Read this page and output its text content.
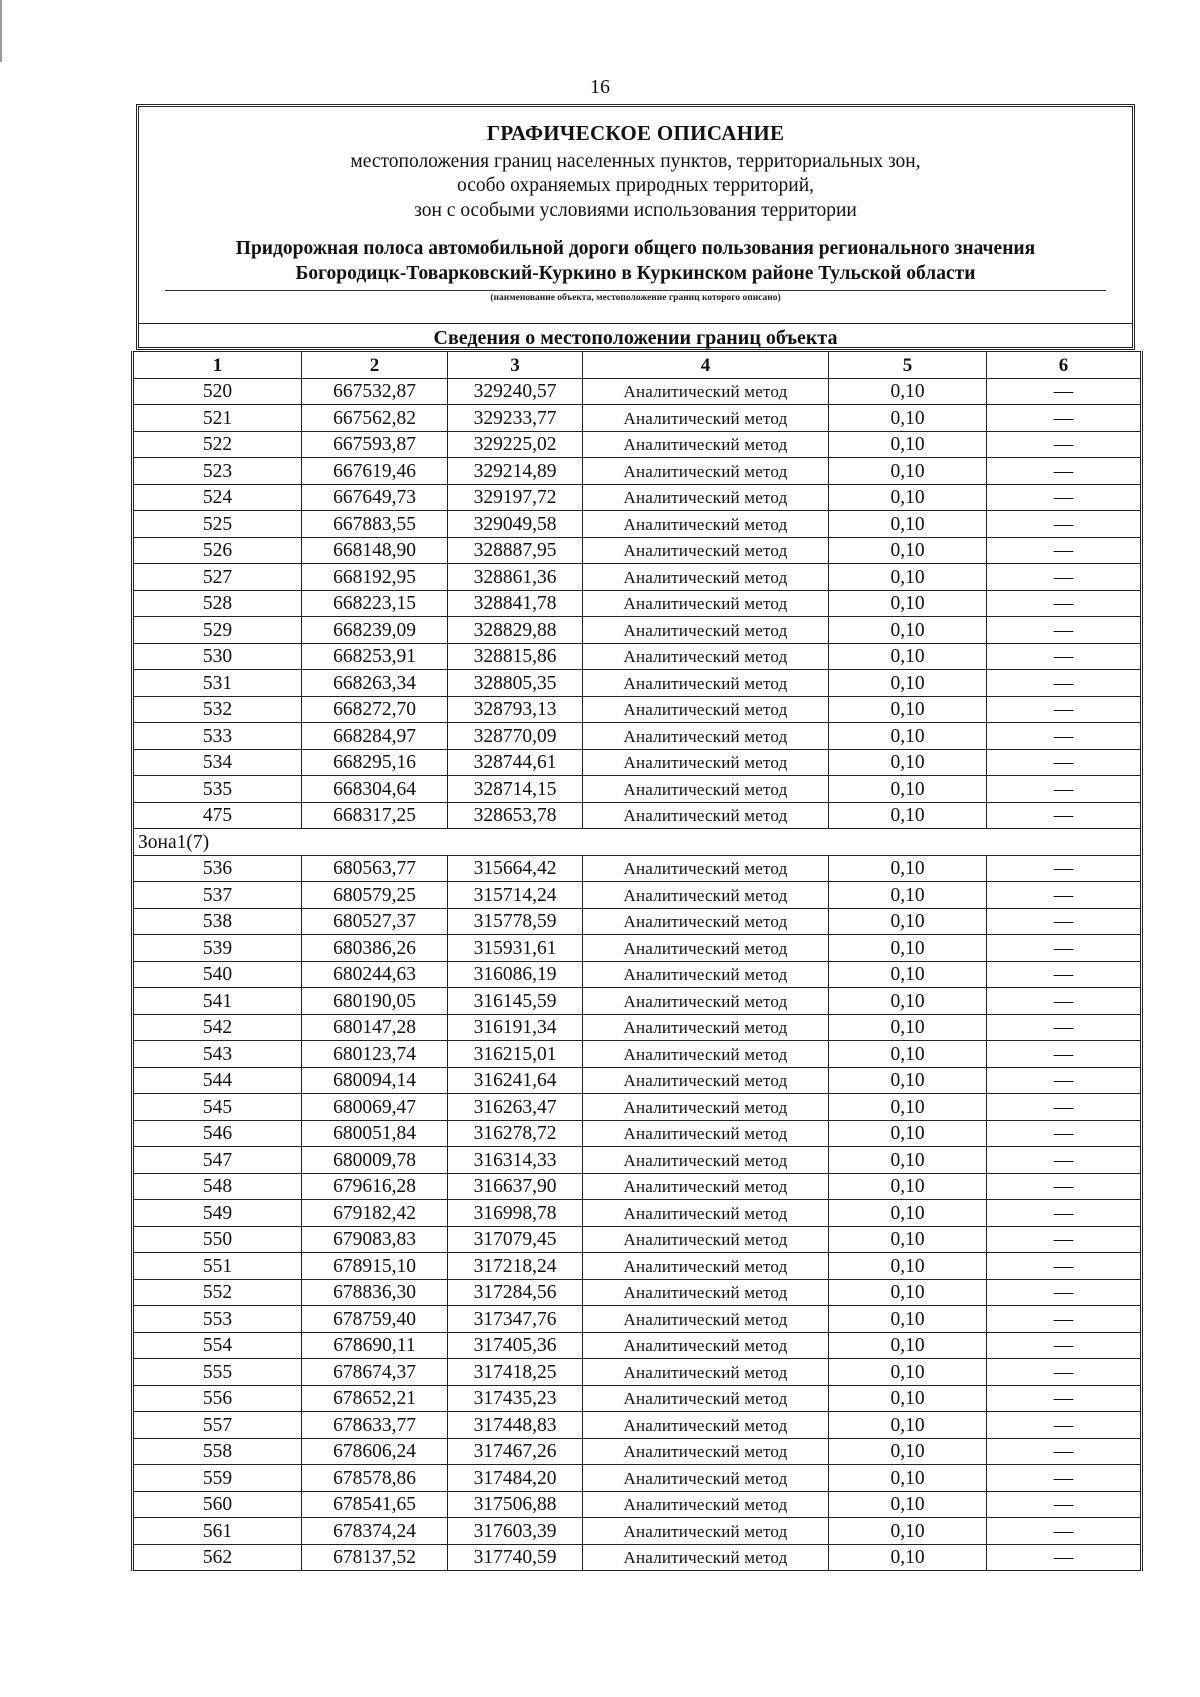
16
ГРАФИЧЕСКОЕ ОПИСАНИЕ
местоположения границ населенных пунктов, территориальных зон,
особо охраняемых природных территорий,
зон с особыми условиями использования территории
Придорожная полоса автомобильной дороги общего пользования регионального значения
Богородицк-Товарковский-Куркино в Куркинском районе Тульской области
(наименование объекта, местоположение границ которого описано)
Сведения о местоположении границ объекта
1	2	3	4	5	6
520	667532,87	329240,57	Аналитический метод	0,10	—
521	667562,82	329233,77	Аналитический метод	0,10	—
522	667593,87	329225,02	Аналитический метод	0,10	—
523	667619,46	329214,89	Аналитический метод	0,10	—
524	667649,73	329197,72	Аналитический метод	0,10	—
525	667883,55	329049,58	Аналитический метод	0,10	—
526	668148,90	328887,95	Аналитический метод	0,10	—
527	668192,95	328861,36	Аналитический метод	0,10	—
528	668223,15	328841,78	Аналитический метод	0,10	—
529	668239,09	328829,88	Аналитический метод	0,10	—
530	668253,91	328815,86	Аналитический метод	0,10	—
531	668263,34	328805,35	Аналитический метод	0,10	—
532	668272,70	328793,13	Аналитический метод	0,10	—
533	668284,97	328770,09	Аналитический метод	0,10	—
534	668295,16	328744,61	Аналитический метод	0,10	—
535	668304,64	328714,15	Аналитический метод	0,10	—
475	668317,25	328653,78	Аналитический метод	0,10	—
Зона1(7)					
536	680563,77	315664,42	Аналитический метод	0,10	—
537	680579,25	315714,24	Аналитический метод	0,10	—
538	680527,37	315778,59	Аналитический метод	0,10	—
539	680386,26	315931,61	Аналитический метод	0,10	—
540	680244,63	316086,19	Аналитический метод	0,10	—
541	680190,05	316145,59	Аналитический метод	0,10	—
542	680147,28	316191,34	Аналитический метод	0,10	—
543	680123,74	316215,01	Аналитический метод	0,10	—
544	680094,14	316241,64	Аналитический метод	0,10	—
545	680069,47	316263,47	Аналитический метод	0,10	—
546	680051,84	316278,72	Аналитический метод	0,10	—
547	680009,78	316314,33	Аналитический метод	0,10	—
548	679616,28	316637,90	Аналитический метод	0,10	—
549	679182,42	316998,78	Аналитический метод	0,10	—
550	679083,83	317079,45	Аналитический метод	0,10	—
551	678915,10	317218,24	Аналитический метод	0,10	—
552	678836,30	317284,56	Аналитический метод	0,10	—
553	678759,40	317347,76	Аналитический метод	0,10	—
554	678690,11	317405,36	Аналитический метод	0,10	—
555	678674,37	317418,25	Аналитический метод	0,10	—
556	678652,21	317435,23	Аналитический метод	0,10	—
557	678633,77	317448,83	Аналитический метод	0,10	—
558	678606,24	317467,26	Аналитический метод	0,10	—
559	678578,86	317484,20	Аналитический метод	0,10	—
560	678541,65	317506,88	Аналитический метод	0,10	—
561	678374,24	317603,39	Аналитический метод	0,10	—
562	678137,52	317740,59	Аналитический метод	0,10	—
